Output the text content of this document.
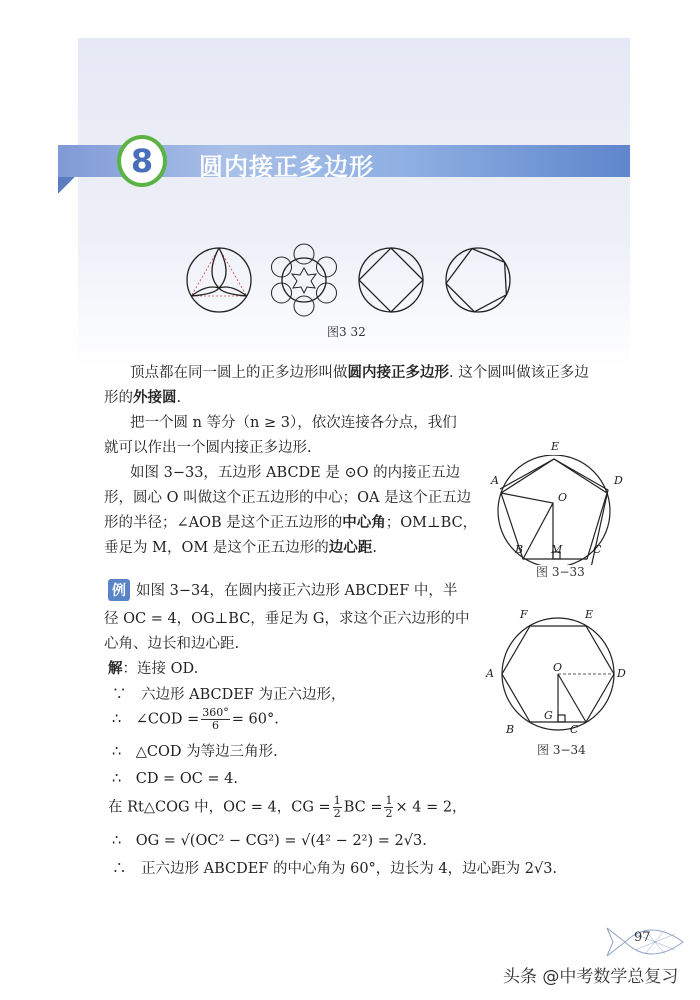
8	圆内接正多边形
图3 32
顶点都在同一圆上的正多边形叫做圆内接正多边形. 这个圆叫做该正多边
形的外接圆.
把一个圆 n 等分（n ≥ 3），依次连接各分点，我们
就可以作出一个圆内接正多边形.
如图 3−33，五边形 ABCDE 是 ⊙O 的内接正五边
形，圆心 O 叫做这个正五边形的中心；OA 是这个正五边
形的半径；∠AOB 是这个正五边形的中心角；OM⊥BC，
垂足为 M，OM 是这个正五边形的边心距.
E
A	D
O
B	M	C
图 3−33
例 如图 3−34，在圆内接正六边形 ABCDEF 中，半
径 OC = 4，OG⊥BC，垂足为 G，求这个正六边形的中
心角、边长和边心距.
解：连接 OD.
∵　六边形 ABCDEF 为正六边形，
∴　∠COD = $\frac{360^\circ}{6} = 60^\circ$.
∴　△COD 为等边三角形.
∴　CD = OC = 4.
在 Rt△COG 中，OC = 4，CG = $\frac{1}{2}$ BC = $\frac{1}{2} \times 4 = 2$，
∴　OG = √(OC² − CG²) = √(4² − 2²) = 2√3.
∴　正六边形 ABCDEF 的中心角为 60°，边长为 4，边心距为 2√3.
F	E
O
A	D
G
B	C
图 3−34
97
头条 @中考数学总复习
